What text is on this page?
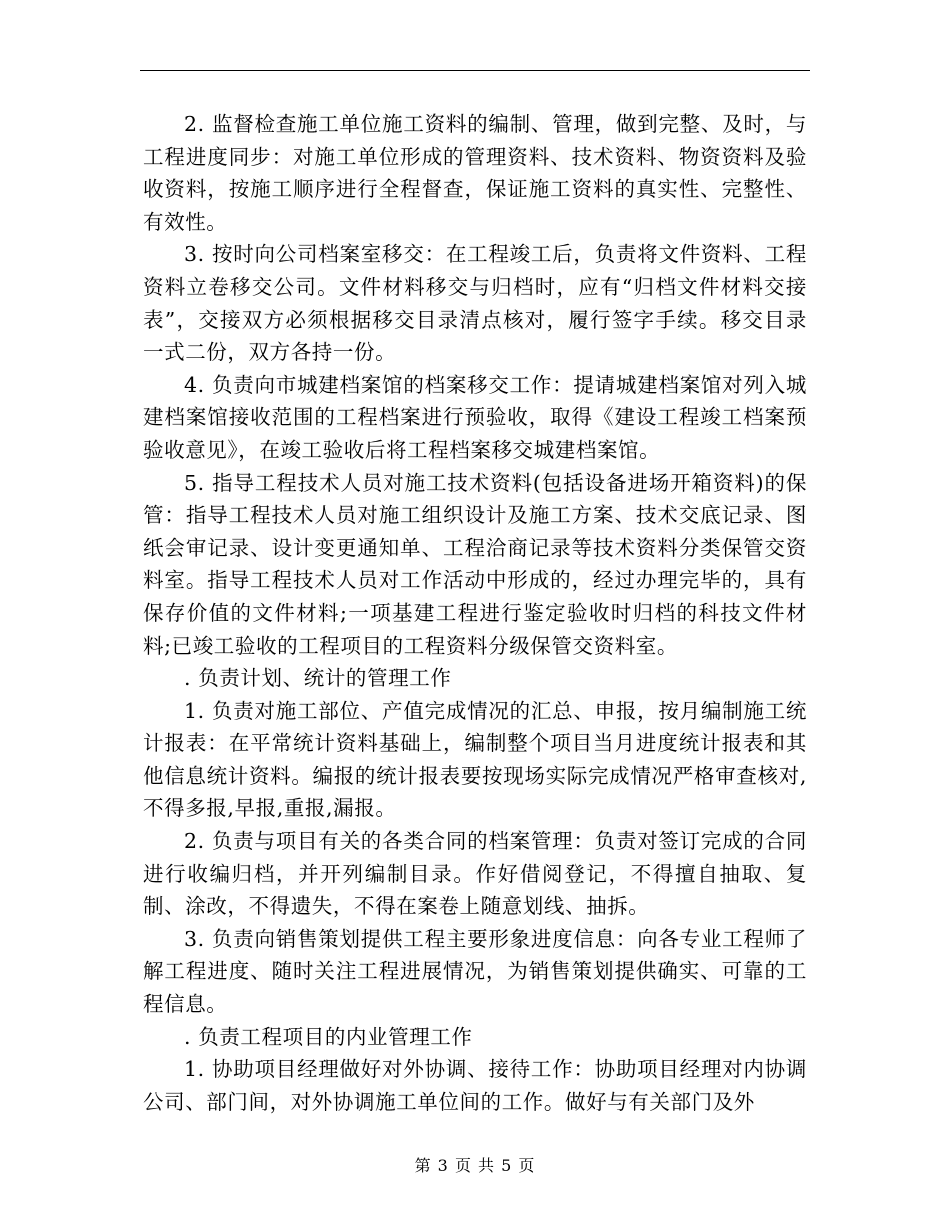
2. 监督检查施工单位施工资料的编制、管理，做到完整、及时，与工程进度同步：对施工单位形成的管理资料、技术资料、物资资料及验收资料，按施工顺序进行全程督查，保证施工资料的真实性、完整性、有效性。

3. 按时向公司档案室移交：在工程竣工后，负责将文件资料、工程资料立卷移交公司。文件材料移交与归档时，应有“归档文件材料交接表”，交接双方必须根据移交目录清点核对，履行签字手续。移交目录一式二份，双方各持一份。

4. 负责向市城建档案馆的档案移交工作：提请城建档案馆对列入城建档案馆接收范围的工程档案进行预验收，取得《建设工程竣工档案预验收意见》，在竣工验收后将工程档案移交城建档案馆。

5. 指导工程技术人员对施工技术资料(包括设备进场开箱资料)的保管：指导工程技术人员对施工组织设计及施工方案、技术交底记录、图纸会审记录、设计变更通知单、工程洽商记录等技术资料分类保管交资料室。指导工程技术人员对工作活动中形成的，经过办理完毕的，具有保存价值的文件材料;一项基建工程进行鉴定验收时归档的科技文件材料;已竣工验收的工程项目的工程资料分级保管交资料室。

. 负责计划、统计的管理工作

1. 负责对施工部位、产值完成情况的汇总、申报，按月编制施工统计报表：在平常统计资料基础上，编制整个项目当月进度统计报表和其他信息统计资料。编报的统计报表要按现场实际完成情况严格审查核对,不得多报,早报,重报,漏报。

2. 负责与项目有关的各类合同的档案管理：负责对签订完成的合同进行收编归档，并开列编制目录。作好借阅登记，不得擅自抽取、复制、涂改，不得遗失，不得在案卷上随意划线、抽拆。

3. 负责向销售策划提供工程主要形象进度信息：向各专业工程师了解工程进度、随时关注工程进展情况，为销售策划提供确实、可靠的工程信息。

. 负责工程项目的内业管理工作

1. 协助项目经理做好对外协调、接待工作：协助项目经理对内协调公司、部门间，对外协调施工单位间的工作。做好与有关部门及外

第 3 页 共 5 页
